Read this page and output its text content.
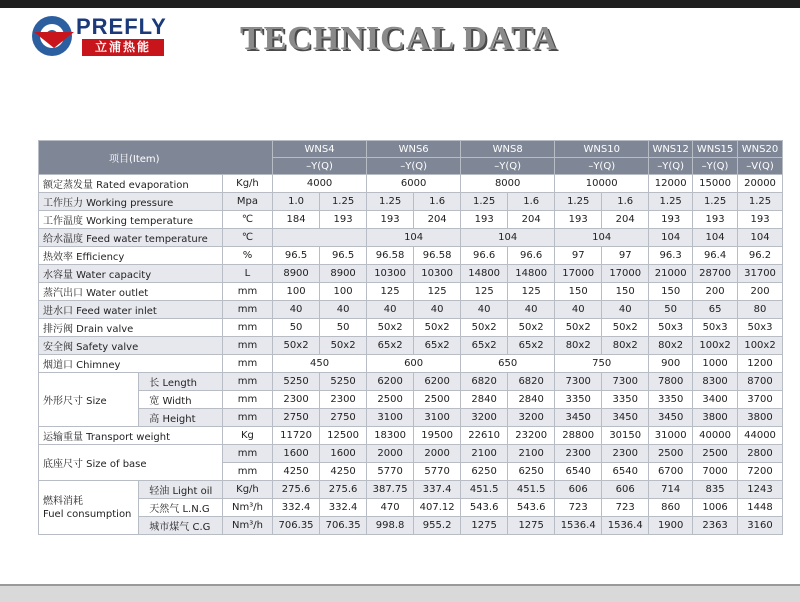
PREFLY
立浦热能	TECHNICAL DATA
项目(Item)			WNS4		WNS6		WNS8		WNS10		WNS12	WNS15	WNS20
			–Y(Q)		–Y(Q)		–Y(Q)		–Y(Q)		–Y(Q)	–Y(Q)	–V(Q)
额定蒸发量 Rated evaporation		Kg/h	4000		6000		8000		10000		12000	15000	20000
工作压力 Working pressure		Mpa	1.0	1.25	1.25	1.6	1.25	1.6	1.25	1.6	1.25	1.25	1.25
工作温度 Working temperature		℃	184	193	193	204	193	204	193	204	193	193	193
给水温度 Feed water temperature		℃			104		104		104		104	104	104
热效率 Efficiency		%	96.5	96.5	96.58	96.58	96.6	96.6	97	97	96.3	96.4	96.2
水容量 Water capacity		L	8900	8900	10300	10300	14800	14800	17000	17000	21000	28700	31700
蒸汽出口 Water outlet		mm	100	100	125	125	125	125	150	150	150	200	200
进水口 Feed water inlet		mm	40	40	40	40	40	40	40	40	50	65	80
排污阀 Drain valve		mm	50	50	50x2	50x2	50x2	50x2	50x2	50x2	50x3	50x3	50x3
安全阀 Safety valve		mm	50x2	50x2	65x2	65x2	65x2	65x2	80x2	80x2	80x2	100x2	100x2
烟道口 Chimney		mm	450		600		650		750		900	1000	1200
外形尺寸 Size	长 Length	mm	5250	5250	6200	6200	6820	6820	7300	7300	7800	8300	8700
	宽 Width	mm	2300	2300	2500	2500	2840	2840	3350	3350	3350	3400	3700
	高 Height	mm	2750	2750	3100	3100	3200	3200	3450	3450	3450	3800	3800
运输重量 Transport weight		Kg	11720	12500	18300	19500	22610	23200	28800	30150	31000	40000	44000
底座尺寸 Size of base		mm	1600	1600	2000	2000	2100	2100	2300	2300	2500	2500	2800
		mm	4250	4250	5770	5770	6250	6250	6540	6540	6700	7000	7200
燃料消耗
Fuel consumption	轻油 Light oil	Kg/h	275.6	275.6	387.75	337.4	451.5	451.5	606	606	714	835	1243
	天然气 L.N.G	Nm³/h	332.4	332.4	470	407.12	543.6	543.6	723	723	860	1006	1448
	城市煤气 C.G	Nm³/h	706.35	706.35	998.8	955.2	1275	1275	1536.4	1536.4	1900	2363	3160
